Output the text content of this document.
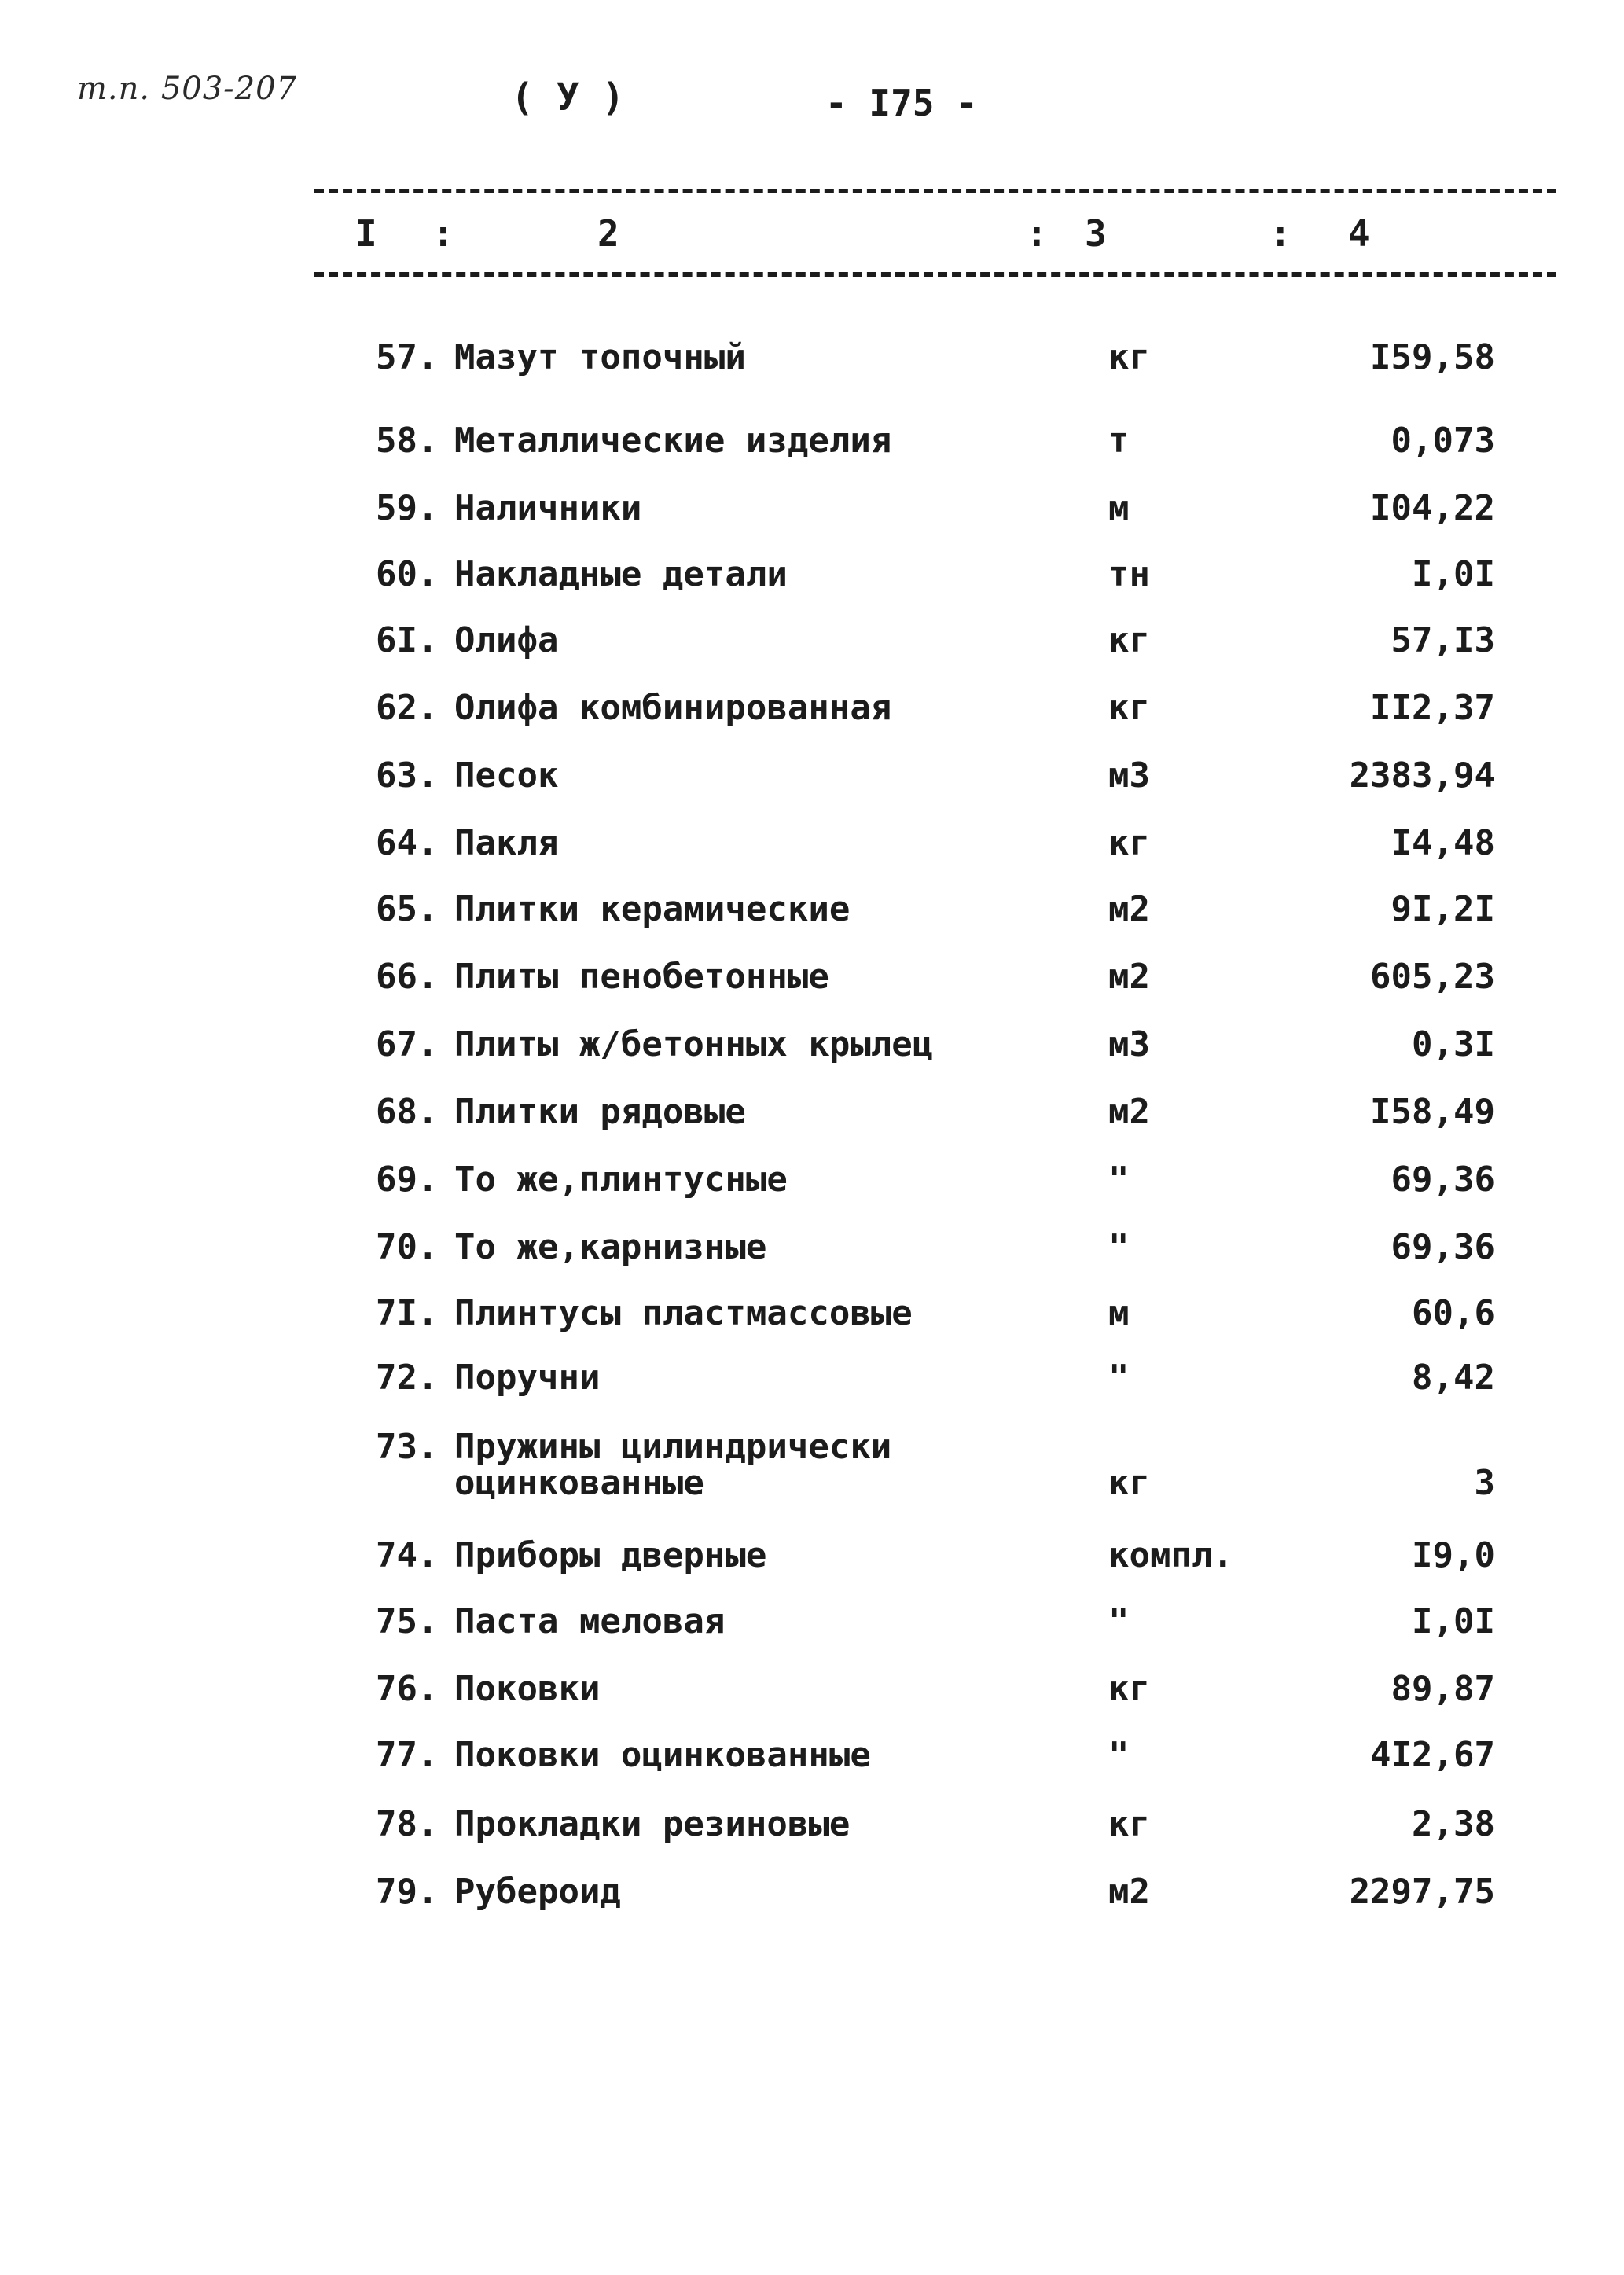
т.п. 503-207	( У )	- I75 -
I :	2	: 3	: 4
57. Мазут топочный	кг	I59,58
58. Металлические изделия	т	0,073
59. Наличники	м	I04,22
60. Накладные детали	тн	I,0I
6I. Олифа	кг	57,I3
62. Олифа комбинированная	кг	II2,37
63. Песок	м3	2383,94
64. Пакля	кг	I4,48
65. Плитки керамические	м2	9I,2I
66. Плиты пенобетонные	м2	605,23
67. Плиты ж/бетонных крылец	м3	0,3I
68. Плитки рядовые	м2	I58,49
69. То же,плинтусные	"	69,36
70. То же,карнизные	"	69,36
7I. Плинтусы пластмассовые	м	60,6
72. Поручни	"	8,42
73. Пружины цилиндрически
оцинкованные	кг	3
74. Приборы дверные	компл.	I9,0
75. Паста меловая	"	I,0I
76. Поковки	кг	89,87
77. Поковки оцинкованные	"	4I2,67
78. Прокладки резиновые	кг	2,38
79. Рубероид	м2	2297,75
